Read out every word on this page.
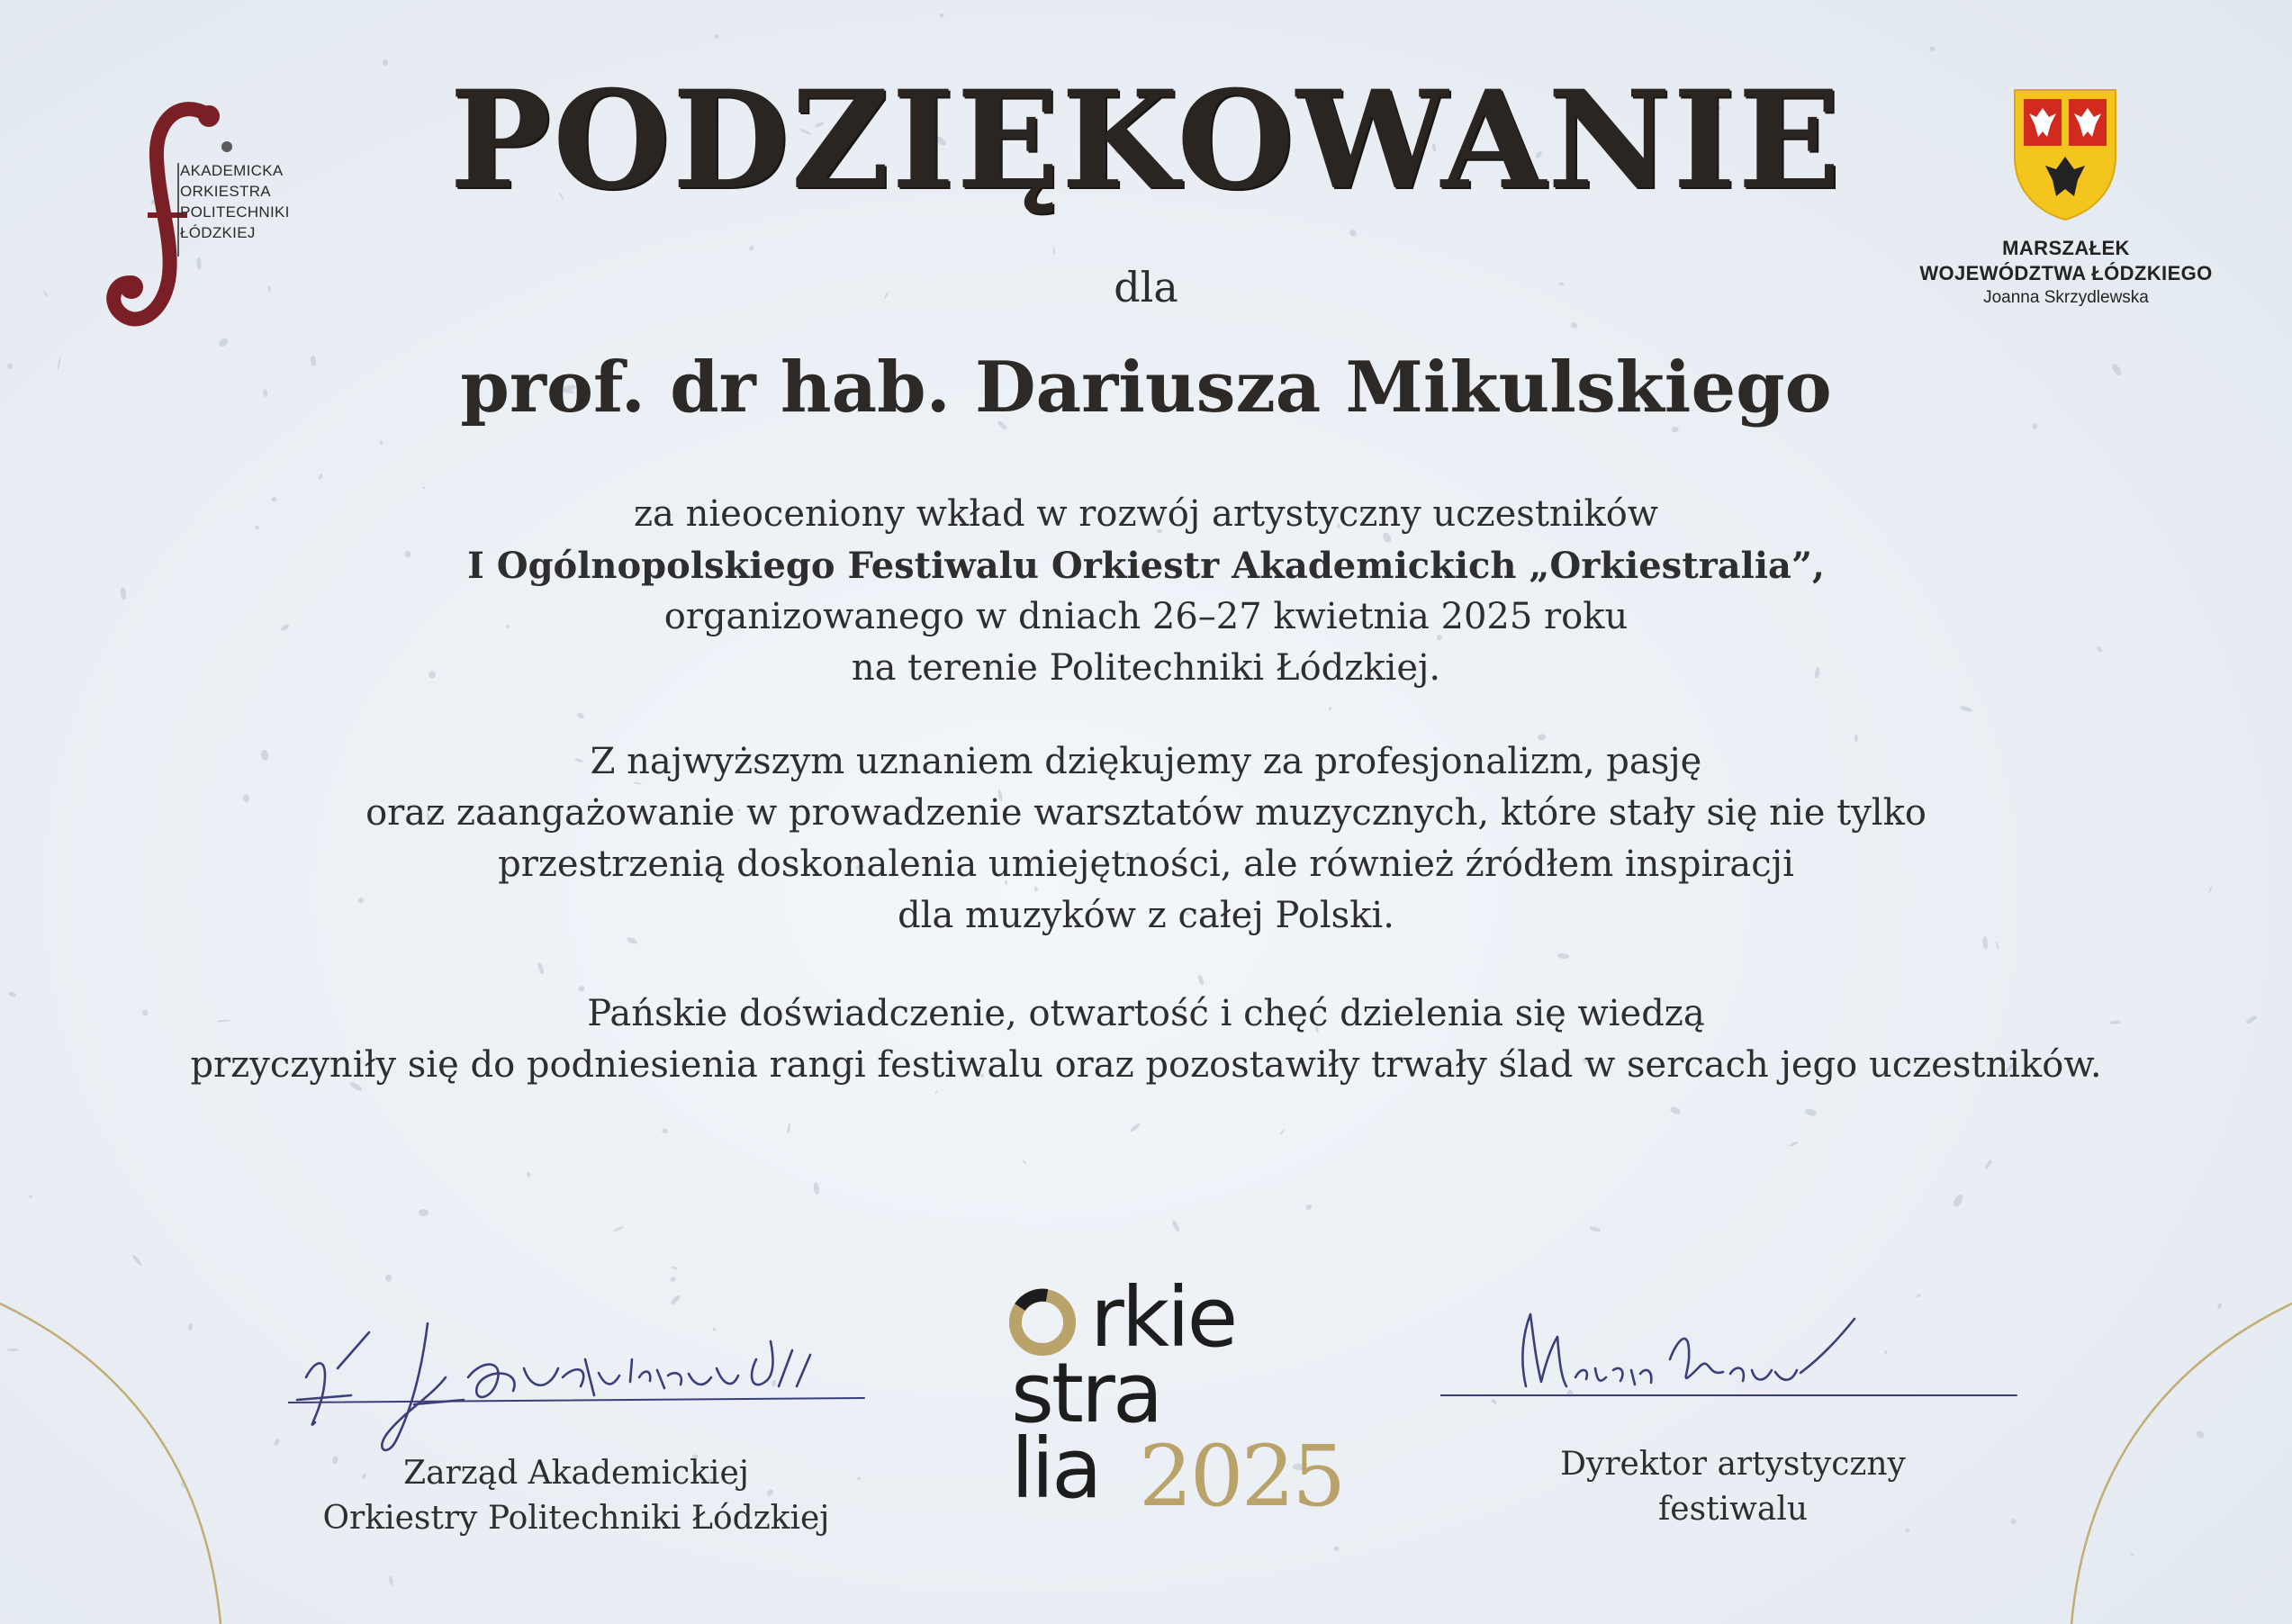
AKADEMICKA
ORKIESTRA
POLITECHNIKI
ŁÓDZKIEJ
MARSZAŁEK
WOJEWÓDZTWA ŁÓDZKIEGO
Joanna Skrzydlewska
PODZIĘKOWANIE
dla
prof. dr hab. Dariusza Mikulskiego
za nieoceniony wkład w rozwój artystyczny uczestników
I Ogólnopolskiego Festiwalu Orkiestr Akademickich „Orkiestralia”,
organizowanego w dniach 26–27 kwietnia 2025 roku
na terenie Politechniki Łódzkiej.
Z najwyższym uznaniem dziękujemy za profesjonalizm, pasję
oraz zaangażowanie w prowadzenie warsztatów muzycznych, które stały się nie tylko
przestrzenią doskonalenia umiejętności, ale również źródłem inspiracji
dla muzyków z całej Polski.
Pańskie doświadczenie, otwartość i chęć dzielenia się wiedzą
przyczyniły się do podniesienia rangi festiwalu oraz pozostawiły trwały ślad w sercach jego uczestników.
Zarząd Akademickiej
Orkiestry Politechniki Łódzkiej
rkie
stra
lia 2025	Dyrektor artystyczny
festiwalu
